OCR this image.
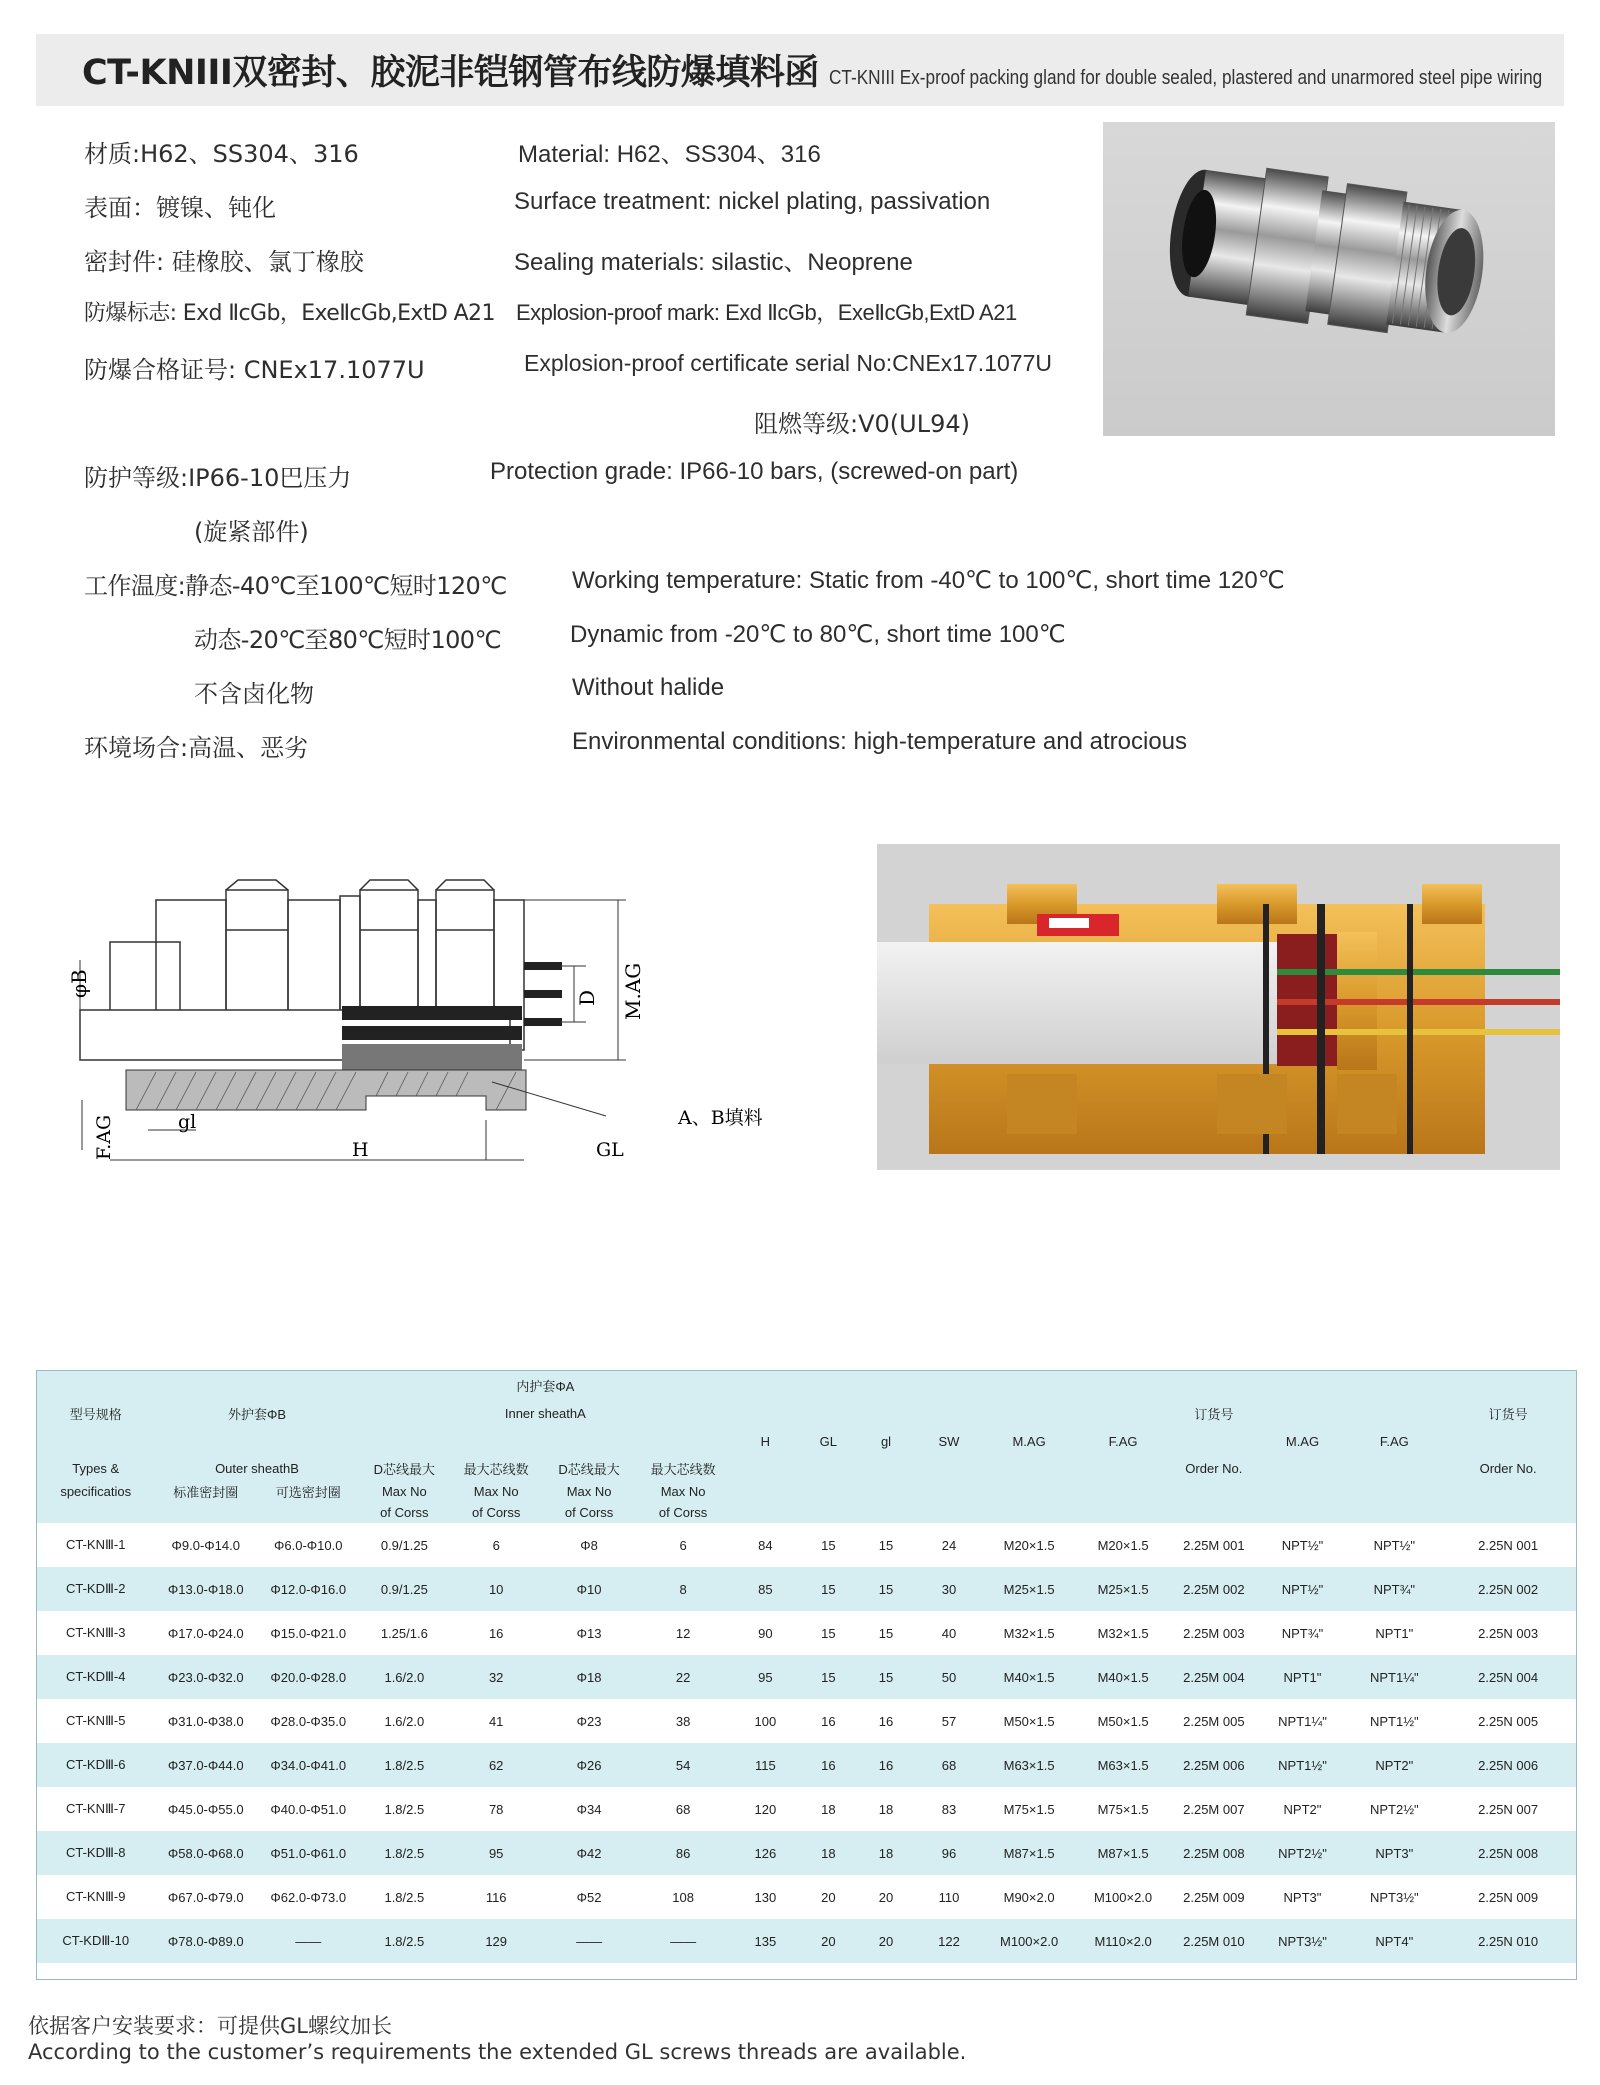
CT-KNIII双密封、胶泥非铠钢管布线防爆填料函 CT-KNIII Ex-proof packing gland for double sealed, plastered and unarmored steel pipe wiring
材质:H62、SS304、316	Material: H62、SS304、316
表面：镀镍、钝化	Surface treatment: nickel plating, passivation
密封件: 硅橡胶、氯丁橡胶	Sealing materials: silastic、Neoprene
防爆标志: Exd ⅡcGb，ExeⅡcGb,ExtD A21 Explosion-proof mark: Exd ⅡcGb，ExeⅡcGb,ExtD A21
防爆合格证号: CNEx17.1077U	Explosion-proof certificate serial No:CNEx17.1077U
阻燃等级:V0(UL94)
防护等级:IP66-10巴压力	Protection grade: IP66-10 bars, (screwed-on part)
(旋紧部件)
工作温度:静态-40℃至100℃短时120℃	Working temperature: Static from -40℃ to 100℃, short time 120℃
动态-20℃至80℃短时100℃	Dynamic from -20℃ to 80℃, short time 100℃
不含卤化物	Without halide
环境场合:高温、恶劣	Environmental conditions: high-temperature and atrocious
φB	D M.AG
F.AG	gl
H	GL
A、B填料
			内护套ΦA													
型号规格	外护套ΦB		Inner sheathA										订货号			订货号
							H	GL	gl	SW	M.AG	F.AG		M.AG	F.AG	
Types &	Outer sheathB		D芯线最大	最大芯线数	D芯线最大	最大芯线数							Order No.			Order No.
specificatios	标准密封圈	可选密封圈	Max No	Max No	Max No	Max No										
			of Corss	of Corss	of Corss	of Corss										
CT-KNⅢ-1	Φ9.0-Φ14.0	Φ6.0-Φ10.0	0.9/1.25	6	Φ8	6	84	15	15	24	M20×1.5	M20×1.5	2.25M 001	NPT½"	NPT½"	2.25N 001
CT-KDⅢ-2	Φ13.0-Φ18.0	Φ12.0-Φ16.0	0.9/1.25	10	Φ10	8	85	15	15	30	M25×1.5	M25×1.5	2.25M 002	NPT½"	NPT¾"	2.25N 002
CT-KNⅢ-3	Φ17.0-Φ24.0	Φ15.0-Φ21.0	1.25/1.6	16	Φ13	12	90	15	15	40	M32×1.5	M32×1.5	2.25M 003	NPT¾"	NPT1"	2.25N 003
CT-KDⅢ-4	Φ23.0-Φ32.0	Φ20.0-Φ28.0	1.6/2.0	32	Φ18	22	95	15	15	50	M40×1.5	M40×1.5	2.25M 004	NPT1"	NPT1¼"	2.25N 004
CT-KNⅢ-5	Φ31.0-Φ38.0	Φ28.0-Φ35.0	1.6/2.0	41	Φ23	38	100	16	16	57	M50×1.5	M50×1.5	2.25M 005	NPT1¼"	NPT1½"	2.25N 005
CT-KDⅢ-6	Φ37.0-Φ44.0	Φ34.0-Φ41.0	1.8/2.5	62	Φ26	54	115	16	16	68	M63×1.5	M63×1.5	2.25M 006	NPT1½"	NPT2"	2.25N 006
CT-KNⅢ-7	Φ45.0-Φ55.0	Φ40.0-Φ51.0	1.8/2.5	78	Φ34	68	120	18	18	83	M75×1.5	M75×1.5	2.25M 007	NPT2"	NPT2½"	2.25N 007
CT-KDⅢ-8	Φ58.0-Φ68.0	Φ51.0-Φ61.0	1.8/2.5	95	Φ42	86	126	18	18	96	M87×1.5	M87×1.5	2.25M 008	NPT2½"	NPT3"	2.25N 008
CT-KNⅢ-9	Φ67.0-Φ79.0	Φ62.0-Φ73.0	1.8/2.5	116	Φ52	108	130	20	20	110	M90×2.0	M100×2.0	2.25M 009	NPT3"	NPT3½"	2.25N 009
CT-KDⅢ-10	Φ78.0-Φ89.0	——	1.8/2.5	129	——	——	135	20	20	122	M100×2.0	M110×2.0	2.25M 010	NPT3½"	NPT4"	2.25N 010
依据客户安装要求：可提供GL螺纹加长
According to the customer’s requirements the extended GL screws threads are available.
